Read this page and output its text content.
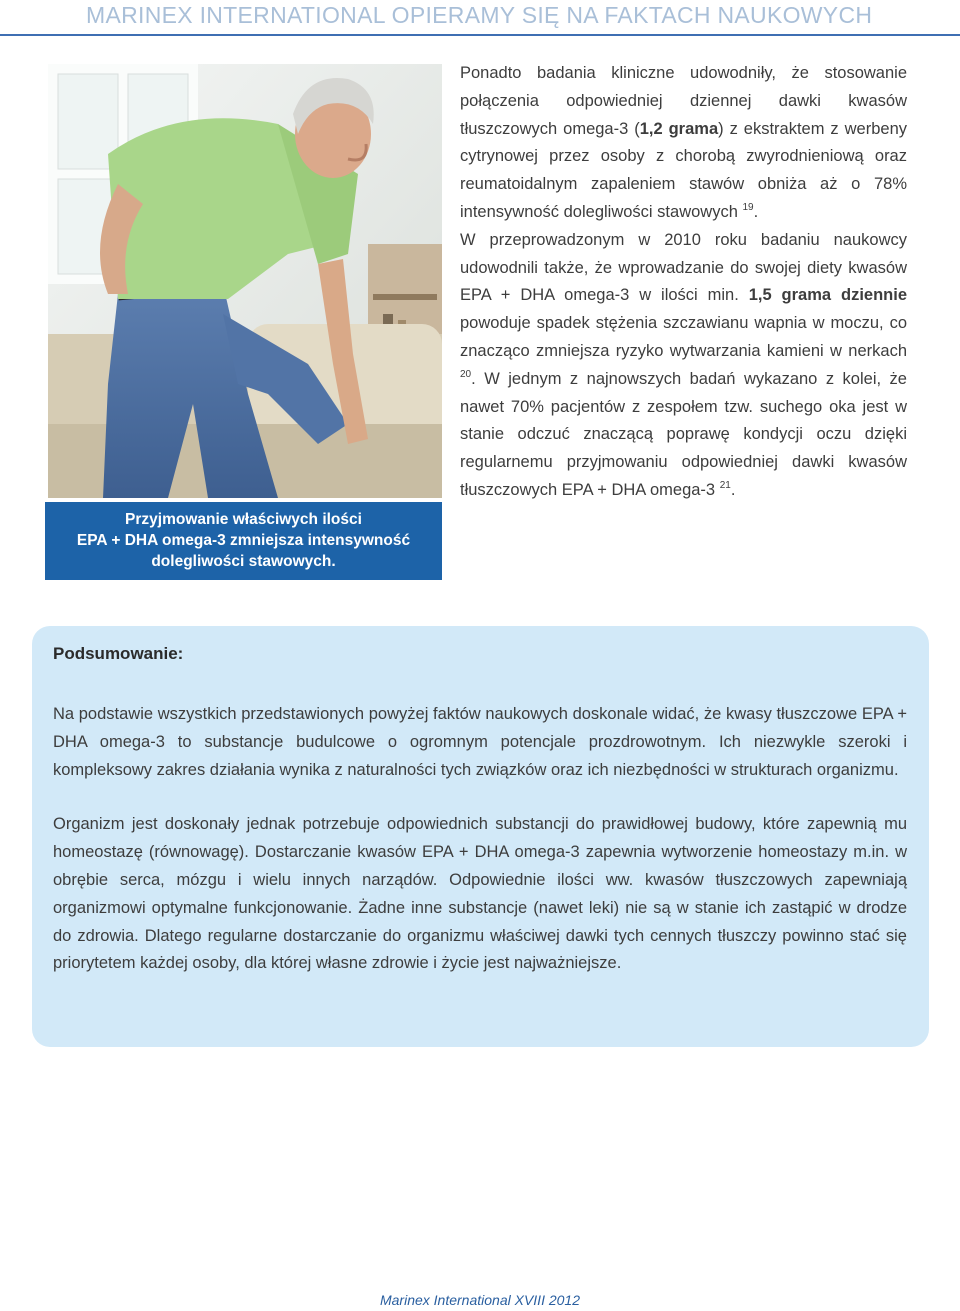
MARINEX INTERNATIONAL OPIERAMY SIĘ NA FAKTACH NAUKOWYCH
Przyjmowanie właściwych ilości
EPA + DHA omega-3 zmniejsza intensywność
dolegliwości stawowych.

Ponadto badania kliniczne udowodniły, że stosowanie połączenia odpowiedniej dziennej dawki kwasów tłuszczowych omega-3 (1,2 grama) z ekstraktem z werbeny cytrynowej przez osoby z chorobą zwyrodnieniową oraz reumatoidalnym zapaleniem stawów obniża aż o 78% intensywność dolegliwości stawowych $^{19}$.

W przeprowadzonym w 2010 roku badaniu naukowcy udowodnili także, że wprowadzanie do swojej diety kwasów EPA + DHA omega-3 w ilości min. 1,5 grama dziennie powoduje spadek stężenia szczawianu wapnia w moczu, co znacząco zmniejsza ryzyko wytwarzania kamieni w nerkach $^{20}$. W jednym z najnowszych badań wykazano z kolei, że nawet 70% pacjentów z zespołem tzw. suchego oka jest w stanie odczuć znaczącą poprawę kondycji oczu dzięki regularnemu przyjmowaniu odpowiedniej dawki kwasów tłuszczowych EPA + DHA omega-3 $^{21}$.

Podsumowanie:

Na podstawie wszystkich przedstawionych powyżej faktów naukowych doskonale widać, że kwasy tłuszczowe EPA + DHA omega-3 to substancje budulcowe o ogromnym potencjale prozdrowotnym. Ich niezwykle szeroki i kompleksowy zakres działania wynika z naturalności tych związków oraz ich niezbędności w strukturach organizmu.

Organizm jest doskonały jednak potrzebuje odpowiednich substancji do prawidłowej budowy, które zapewnią mu homeostazę (równowagę). Dostarczanie kwasów EPA + DHA omega-3 zapewnia wytworzenie homeostazy m.in. w obrębie serca, mózgu i wielu innych narządów. Odpowiednie ilości ww. kwasów tłuszczowych zapewniają organizmowi optymalne funkcjonowanie. Żadne inne substancje (nawet leki) nie są w stanie ich zastąpić w drodze do zdrowia. Dlatego regularne dostarczanie do organizmu właściwej dawki tych cennych tłuszczy powinno stać się priorytetem każdej osoby, dla której własne zdrowie i życie jest najważniejsze.

Marinex International XVIII 2012
